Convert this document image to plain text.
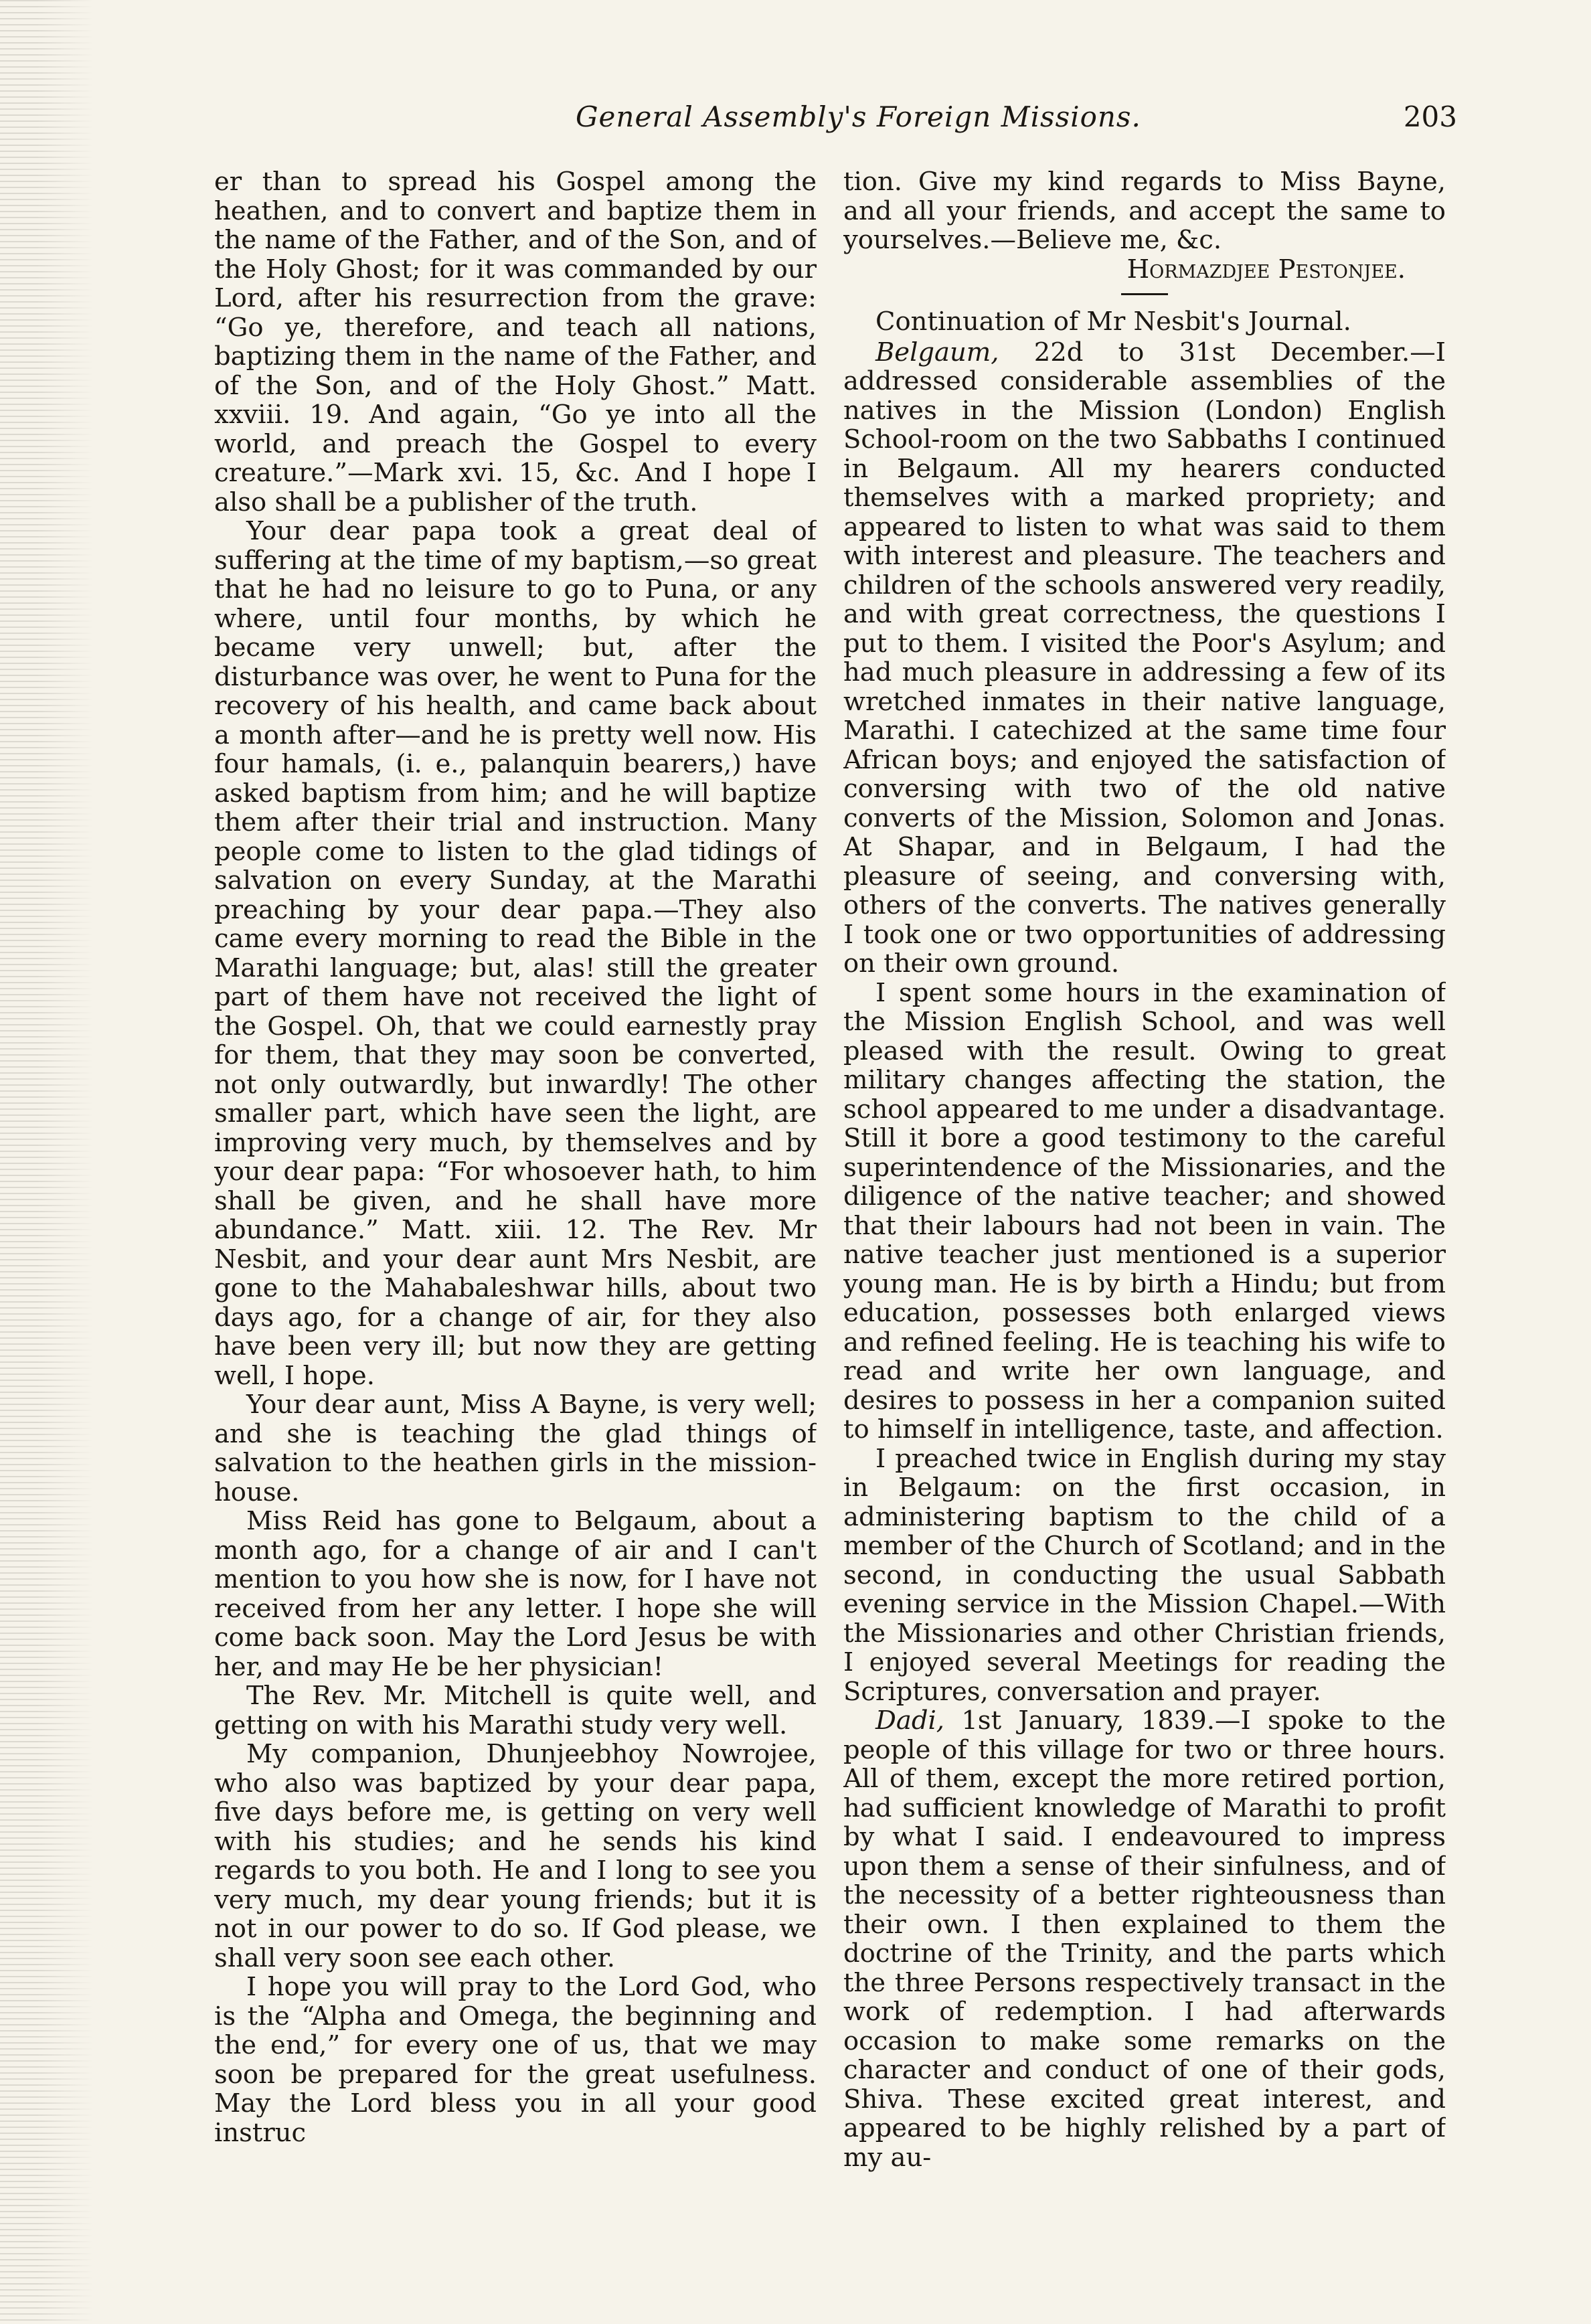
General Assembly's Foreign Missions.	203

er than to spread his Gospel among the heathen, and to convert and baptize them in the name of the Father, and of the Son, and of the Holy Ghost; for it was commanded by our Lord, after his resurrection from the grave: “Go ye, therefore, and teach all nations, baptizing them in the name of the Father, and of the Son, and of the Holy Ghost.” Matt. xxviii. 19. And again, “Go ye into all the world, and preach the Gospel to every creature.”—Mark xvi. 15, &c. And I hope I also shall be a publisher of the truth.

Your dear papa took a great deal of suffering at the time of my baptism,—so great that he had no leisure to go to Puna, or any where, until four months, by which he became very unwell; but, after the disturbance was over, he went to Puna for the recovery of his health, and came back about a month after—and he is pretty well now. His four hamals, (i. e., palanquin bearers,) have asked baptism from him; and he will baptize them after their trial and instruction. Many people come to listen to the glad tidings of salvation on every Sunday, at the Marathi preaching by your dear papa.—They also came every morning to read the Bible in the Marathi language; but, alas! still the greater part of them have not received the light of the Gospel. Oh, that we could earnestly pray for them, that they may soon be converted, not only outwardly, but inwardly! The other smaller part, which have seen the light, are improving very much, by themselves and by your dear papa: “For whosoever hath, to him shall be given, and he shall have more abundance.” Matt. xiii. 12. The Rev. Mr Nesbit, and your dear aunt Mrs Nesbit, are gone to the Mahabaleshwar hills, about two days ago, for a change of air, for they also have been very ill; but now they are getting well, I hope.

Your dear aunt, Miss A Bayne, is very well; and she is teaching the glad things of salvation to the heathen girls in the mission-house.

Miss Reid has gone to Belgaum, about a month ago, for a change of air and I can't mention to you how she is now, for I have not received from her any letter. I hope she will come back soon. May the Lord Jesus be with her, and may He be her physician!

The Rev. Mr. Mitchell is quite well, and getting on with his Marathi study very well.

My companion, Dhunjeebhoy Nowrojee, who also was baptized by your dear papa, five days before me, is getting on very well with his studies; and he sends his kind regards to you both. He and I long to see you very much, my dear young friends; but it is not in our power to do so. If God please, we shall very soon see each other.

I hope you will pray to the Lord God, who is the “Alpha and Omega, the beginning and the end,” for every one of us, that we may soon be prepared for the great usefulness. May the Lord bless you in all your good instruc

tion. Give my kind regards to Miss Bayne, and all your friends, and accept the same to yourselves.—Believe me, &c.

Hormazdjee Pestonjee.

Continuation of Mr Nesbit's Journal.

Belgaum, 22d to 31st December.—I addressed considerable assemblies of the natives in the Mission (London) English School-room on the two Sabbaths I continued in Belgaum. All my hearers conducted themselves with a marked propriety; and appeared to listen to what was said to them with interest and pleasure. The teachers and children of the schools answered very readily, and with great correctness, the questions I put to them. I visited the Poor's Asylum; and had much pleasure in addressing a few of its wretched inmates in their native language, Marathi. I catechized at the same time four African boys; and enjoyed the satisfaction of conversing with two of the old native converts of the Mission, Solomon and Jonas. At Shapar, and in Belgaum, I had the pleasure of seeing, and conversing with, others of the converts. The natives generally I took one or two opportunities of addressing on their own ground.

I spent some hours in the examination of the Mission English School, and was well pleased with the result. Owing to great military changes affecting the station, the school appeared to me under a disadvantage. Still it bore a good testimony to the careful superintendence of the Missionaries, and the diligence of the native teacher; and showed that their labours had not been in vain. The native teacher just mentioned is a superior young man. He is by birth a Hindu; but from education, possesses both enlarged views and refined feeling. He is teaching his wife to read and write her own language, and desires to possess in her a companion suited to himself in intelligence, taste, and affection.

I preached twice in English during my stay in Belgaum: on the first occasion, in administering baptism to the child of a member of the Church of Scotland; and in the second, in conducting the usual Sabbath evening service in the Mission Chapel.—With the Missionaries and other Christian friends, I enjoyed several Meetings for reading the Scriptures, conversation and prayer.

Dadi, 1st January, 1839.—I spoke to the people of this village for two or three hours. All of them, except the more retired portion, had sufficient knowledge of Marathi to profit by what I said. I endeavoured to impress upon them a sense of their sinfulness, and of the necessity of a better righteousness than their own. I then explained to them the doctrine of the Trinity, and the parts which the three Persons respectively transact in the work of redemption. I had afterwards occasion to make some remarks on the character and conduct of one of their gods, Shiva. These excited great interest, and appeared to be highly relished by a part of my au-
